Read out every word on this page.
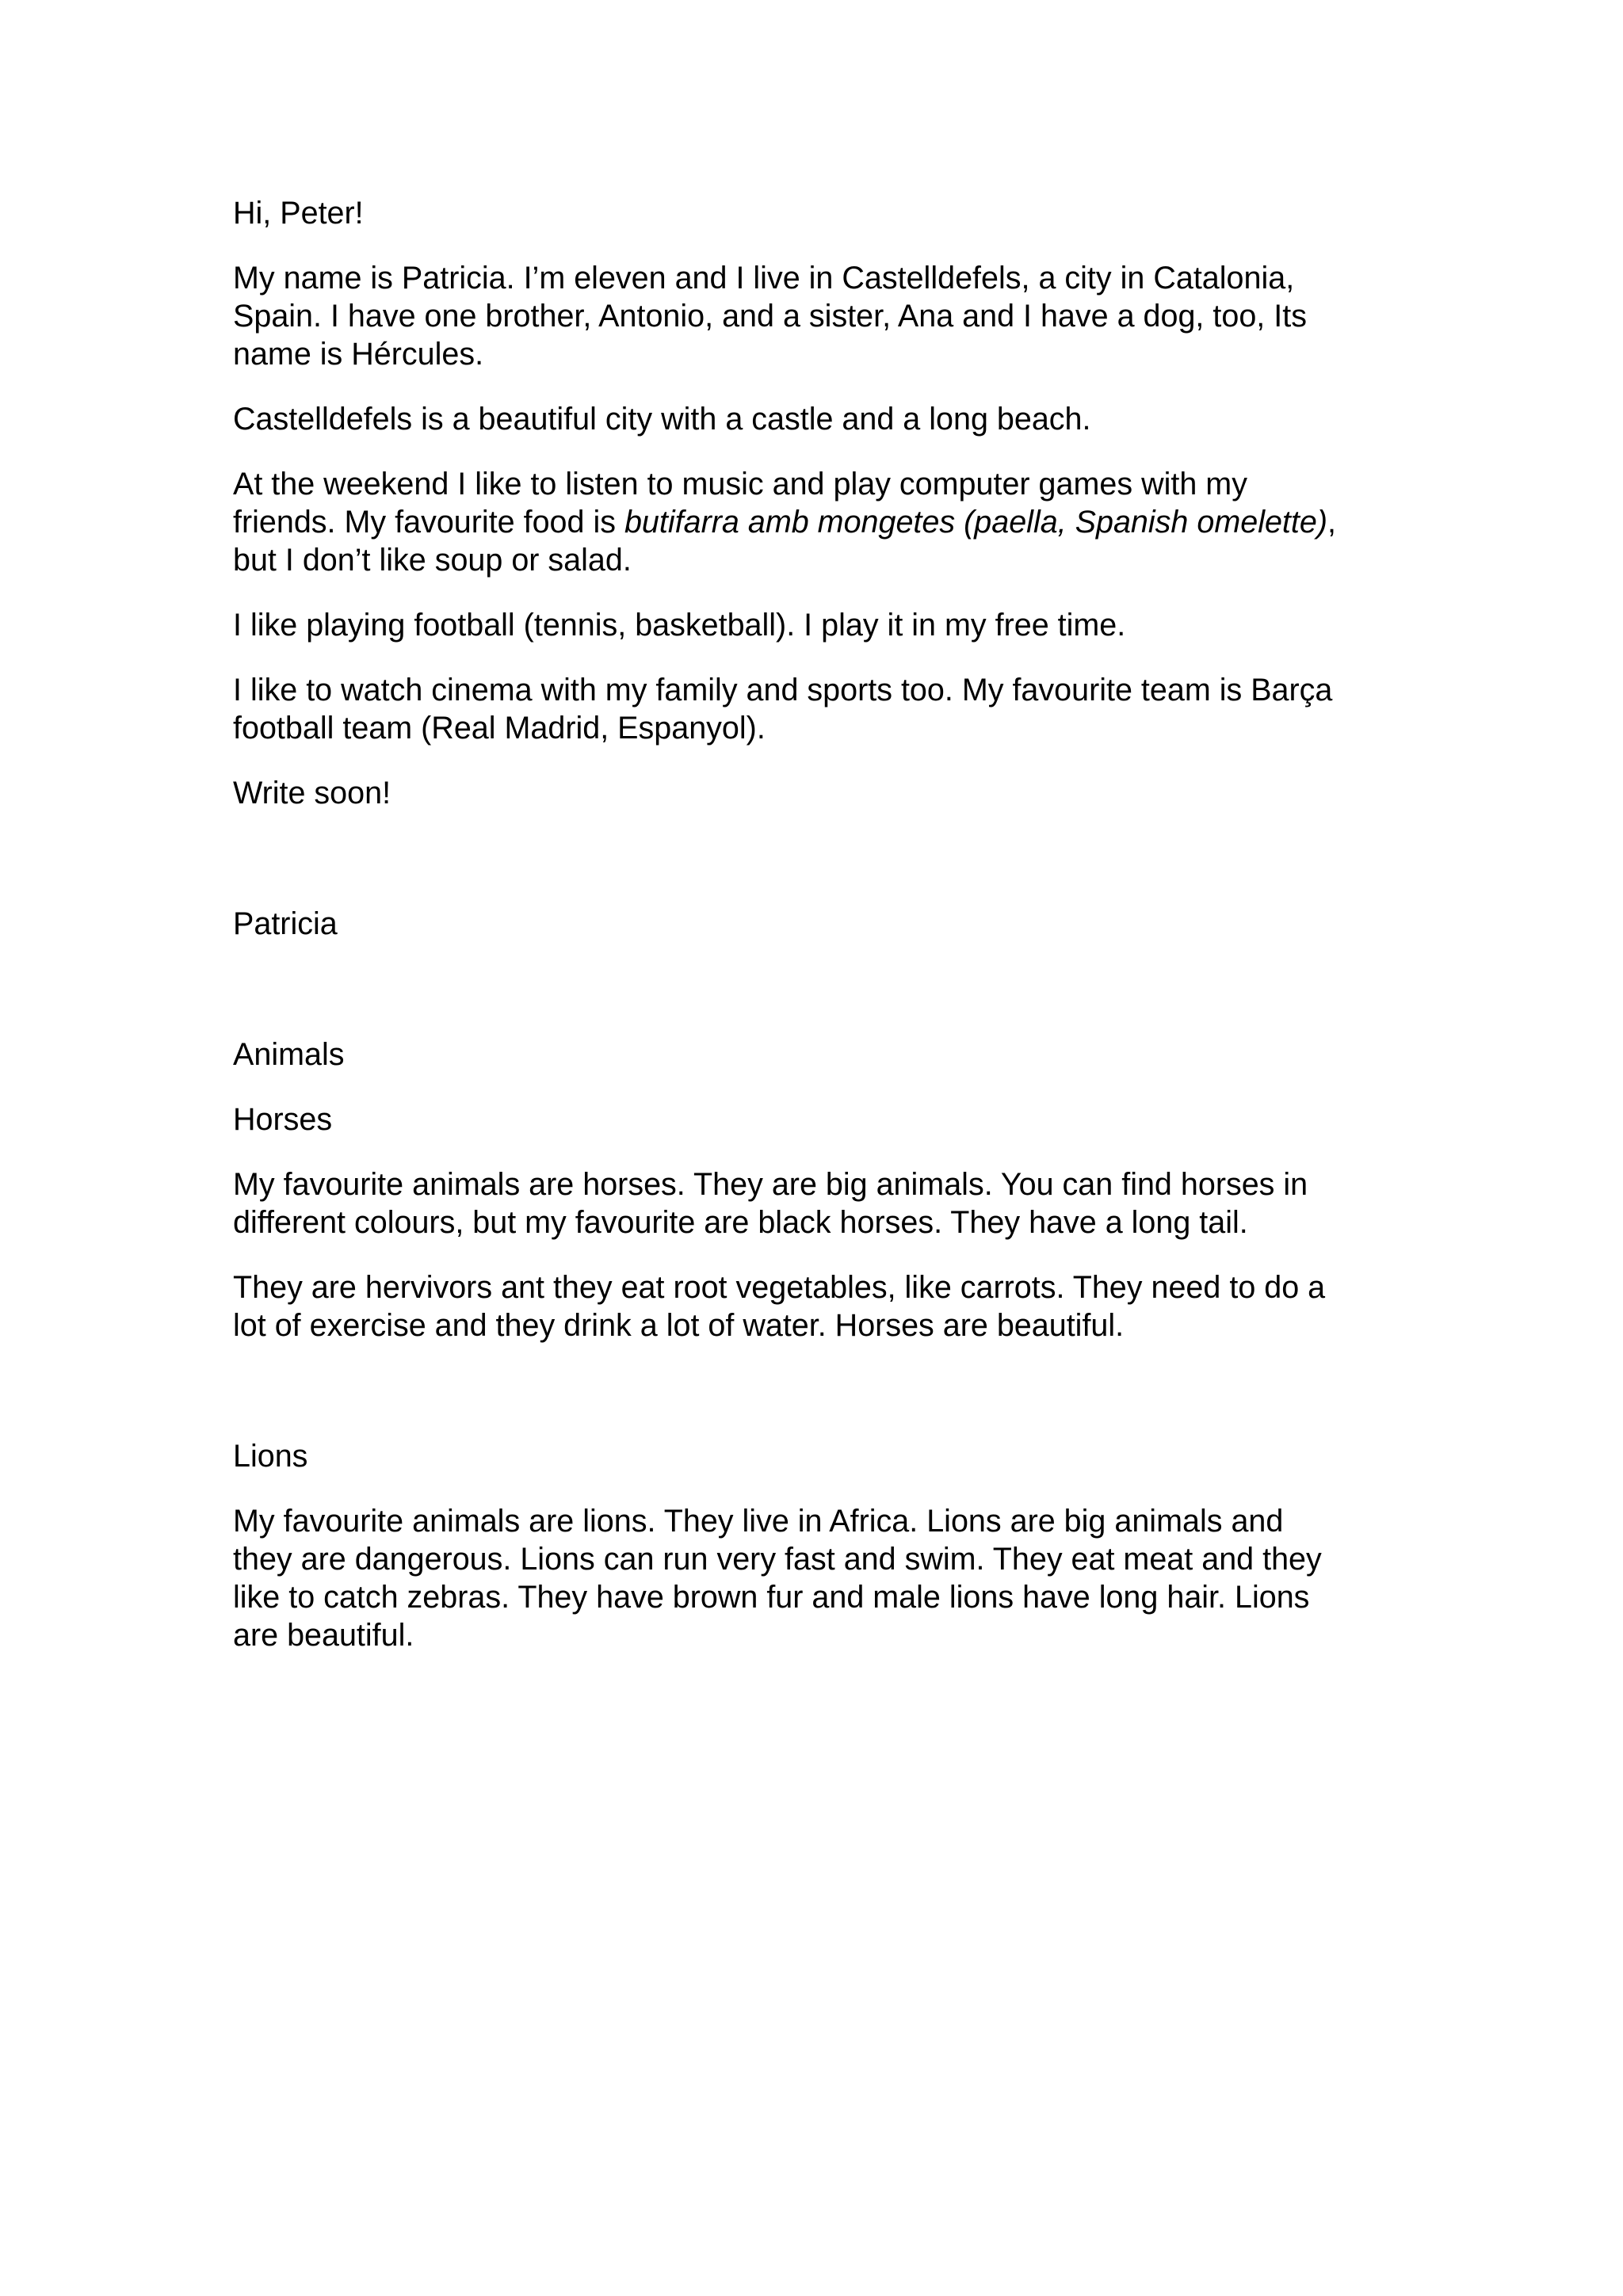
Hi, Peter!

My name is Patricia. I’m eleven and I live in Castelldefels, a city in Catalonia,
Spain. I have one brother, Antonio, and a sister, Ana and I have a dog, too, Its
name is Hércules.

Castelldefels is a beautiful city with a castle and a long beach.

At the weekend I like to listen to music and play computer games with my
friends. My favourite food is butifarra amb mongetes (paella, Spanish omelette),
but I don’t like soup or salad.

I like playing football (tennis, basketball). I play it in my free time.

I like to watch cinema with my family and sports too. My favourite team is Barça
football team (Real Madrid, Espanyol).

Write soon!

Patricia

Animals

Horses

My favourite animals are horses. They are big animals. You can find horses in
different colours, but my favourite are black horses. They have a long tail.

They are hervivors ant they eat root vegetables, like carrots. They need to do a
lot of exercise and they drink a lot of water. Horses are beautiful.

Lions

My favourite animals are lions. They live in Africa. Lions are big animals and
they are dangerous. Lions can run very fast and swim. They eat meat and they
like to catch zebras. They have brown fur and male lions have long hair. Lions
are beautiful.
